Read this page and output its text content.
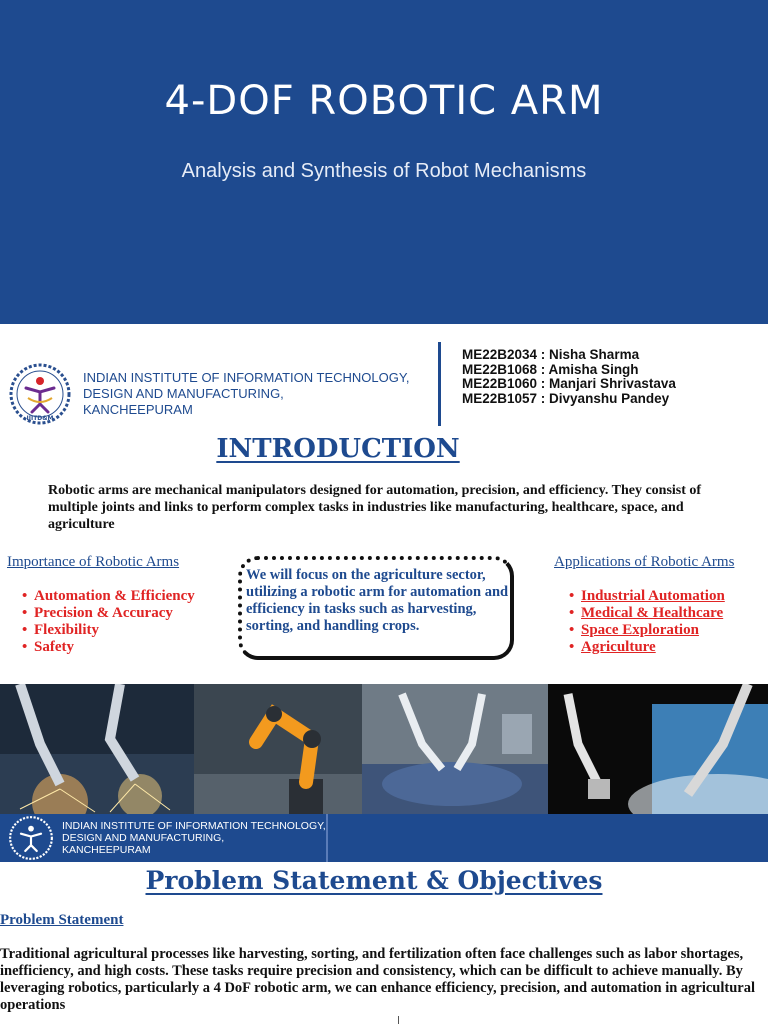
4-DOF ROBOTIC ARM
Analysis and Synthesis of Robot Mechanisms
IIITD&M
INDIAN INSTITUTE OF INFORMATION TECHNOLOGY,
DESIGN AND MANUFACTURING,
KANCHEEPURAM
ME22B2034 : Nisha Sharma
ME22B1068 : Amisha Singh
ME22B1060 : Manjari Shrivastava
ME22B1057 : Divyanshu Pandey
INTRODUCTION

Robotic arms are mechanical manipulators designed for automation, precision, and efficiency. They consist of multiple joints and links to perform complex tasks in industries like manufacturing, healthcare, space, and agriculture

Importance of Robotic Arms
• Automation & Efficiency
• Precision & Accuracy
• Flexibility
• Safety

We will focus on the agriculture sector, utilizing a robotic arm for automation and efficiency in tasks such as harvesting, sorting, and handling crops.

Applications of Robotic Arms
• Industrial Automation
• Medical & Healthcare
• Space Exploration
• Agriculture
INDIAN INSTITUTE OF INFORMATION TECHNOLOGY,
DESIGN AND MANUFACTURING,
KANCHEEPURAM
Problem Statement & Objectives
Problem Statement

Traditional agricultural processes like harvesting, sorting, and fertilization often face challenges such as labor shortages, inefficiency, and high costs. These tasks require precision and consistency, which can be difficult to achieve manually. By leveraging robotics, particularly a 4 DoF robotic arm, we can enhance efficiency, precision, and automation in agricultural operations
